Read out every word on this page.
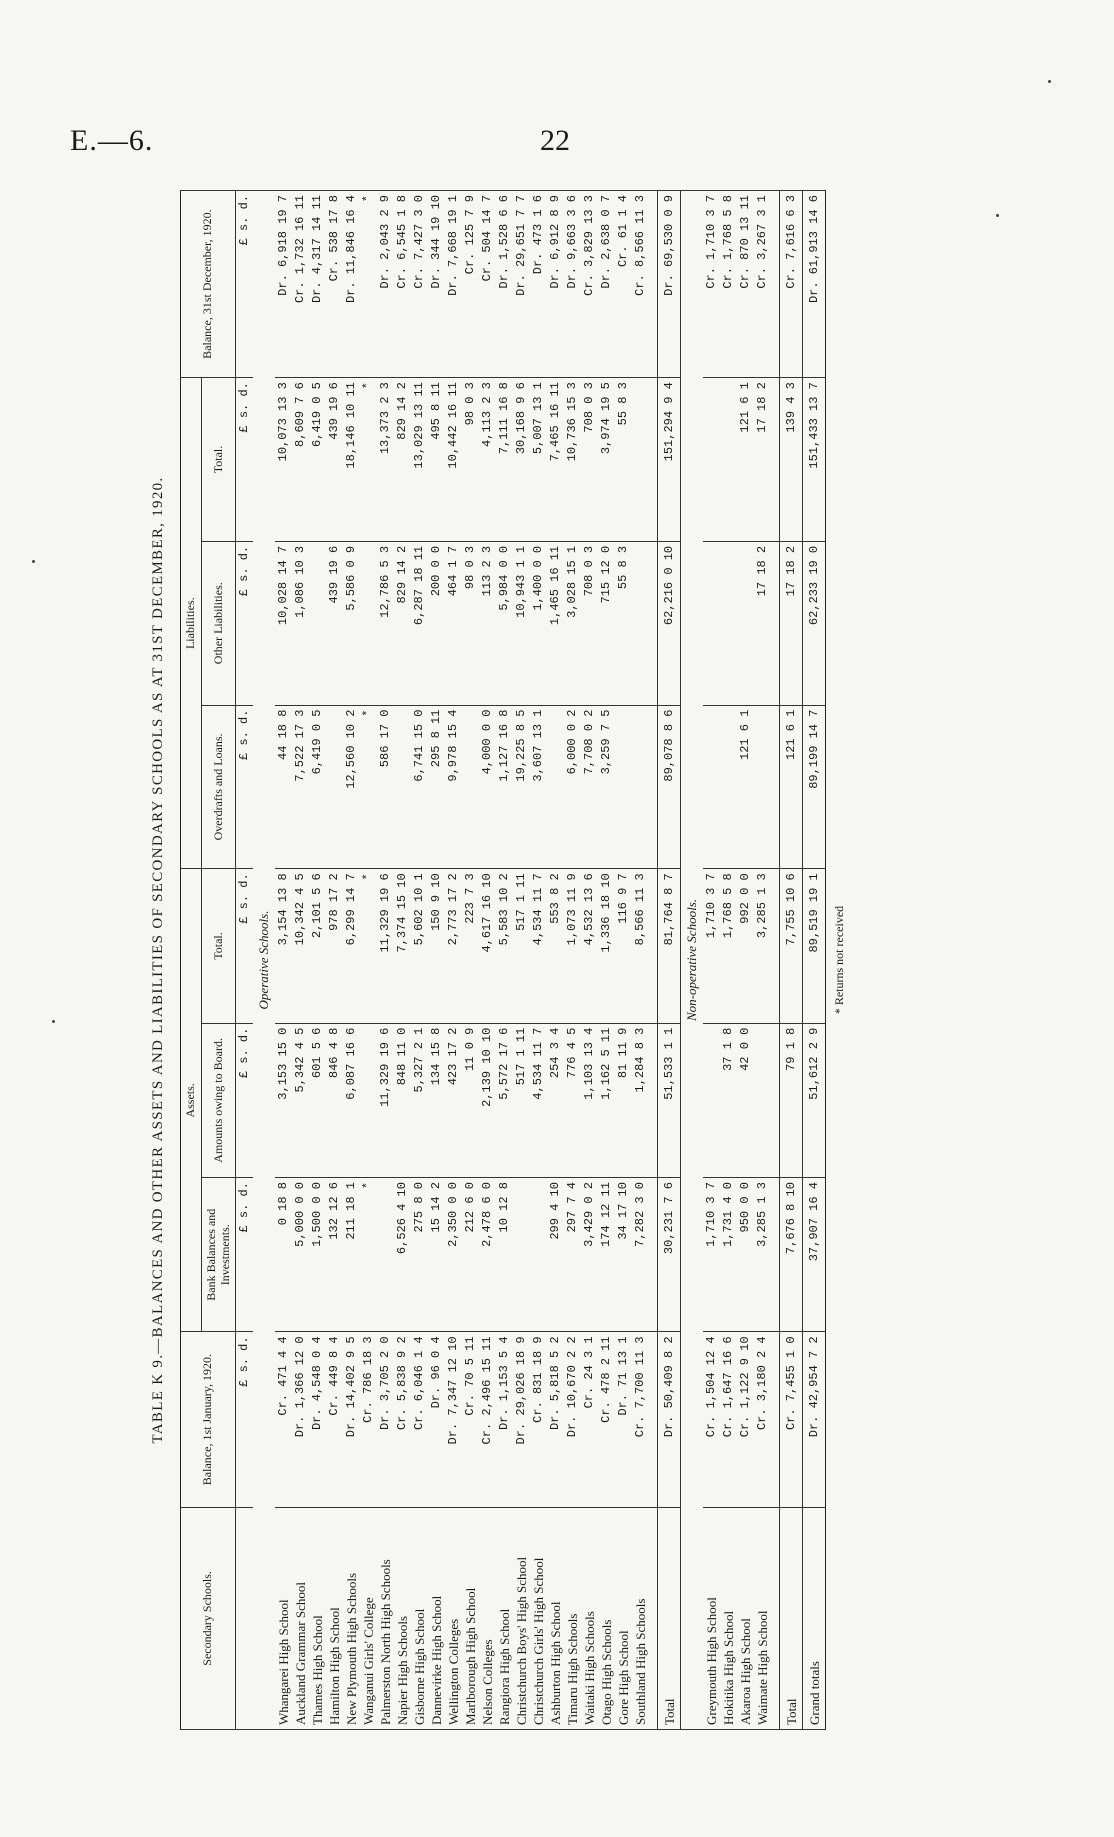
E.—6.	22
TABLE K 9.—BALANCES AND OTHER ASSETS AND LIABILITIES OF SECONDARY SCHOOLS AS AT 31ST DECEMBER, 1920.
Secondary Schools.	Balance, 1st January, 1920.	Assets.			Liabilities.			Balance, 31st December, 1920.
		Bank Balances and Investments.	Amounts owing to Board.	Total.	Overdrafts and Loans.	Other Liabilities.	Total.	
	£ s. d.	£ s. d.	£ s. d.	£ s. d.	£ s. d.	£ s. d.	£ s. d.	£ s. d.
Operative Schools.								
Whangarei High School	Cr. 471 4 4	0 18 8	3,153 15 0	3,154 13 8	44 18 8	10,028 14 7	10,073 13 3	Dr. 6,918 19 7
Auckland Grammar School	Dr. 1,366 12 0	5,000 0 0	5,342 4 5	10,342 4 5	7,522 17 3	1,086 10 3	8,609 7 6	Cr. 1,732 16 11
Thames High School	Dr. 4,548 0 4	1,500 0 0	601 5 6	2,101 5 6	6,419 0 5		6,419 0 5	Dr. 4,317 14 11
Hamilton High School	Cr. 449 8 4	132 12 6	846 4 8	978 17 2		439 19 6	439 19 6	Cr. 538 17 8
New Plymouth High Schools	Dr. 14,402 9 5	211 18 1	6,087 16 6	6,299 14 7	12,560 10 2	5,586 0 9	18,146 10 11	Dr. 11,846 16 4
Wanganui Girls' College	Cr. 786 18 3	*		*	*		*	*
Palmerston North High Schools	Dr. 3,705 2 0		11,329 19 6	11,329 19 6	586 17 0	12,786 5 3	13,373 2 3	Dr. 2,043 2 9
Napier High Schools	Cr. 5,838 9 2	6,526 4 10	848 11 0	7,374 15 10		829 14 2	829 14 2	Cr. 6,545 1 8
Gisborne High School	Cr. 6,046 1 4	275 8 0	5,327 2 1	5,602 10 1	6,741 15 0	6,287 18 11	13,029 13 11	Cr. 7,427 3 0
Dannevirke High School	Dr. 96 0 4	15 14 2	134 15 8	150 9 10	295 8 11	200 0 0	495 8 11	Dr. 344 19 10
Wellington Colleges	Dr. 7,347 12 10	2,350 0 0	423 17 2	2,773 17 2	9,978 15 4	464 1 7	10,442 16 11	Dr. 7,668 19 1
Marlborough High School	Cr. 70 5 11	212 6 0	11 0 9	223 7 3		98 0 3	98 0 3	Cr. 125 7 9
Nelson Colleges	Cr. 2,496 15 11	2,478 6 0	2,139 10 10	4,617 16 10	4,000 0 0	113 2 3	4,113 2 3	Cr. 504 14 7
Rangiora High School	Dr. 1,153 5 4	10 12 8	5,572 17 6	5,583 10 2	1,127 16 8	5,984 0 0	7,111 16 8	Dr. 1,528 6 6
Christchurch Boys' High School	Dr. 29,026 18 9		517 1 11	517 1 11	19,225 8 5	10,943 1 1	30,168 9 6	Dr. 29,651 7 7
Christchurch Girls' High School	Cr. 831 18 9		4,534 11 7	4,534 11 7	3,607 13 1	1,400 0 0	5,007 13 1	Dr. 473 1 6
Ashburton High School	Dr. 5,818 5 2	299 4 10	254 3 4	553 8 2		1,465 16 11	7,465 16 11	Dr. 6,912 8 9
Timaru High Schools	Dr. 10,670 2 2	297 7 4	776 4 5	1,073 11 9	6,000 0 2	3,028 15 1	10,736 15 3	Dr. 9,663 3 6
Waitaki High Schools	Cr. 24 3 1	3,429 0 2	1,103 13 4	4,532 13 6	7,708 0 2	708 0 3	708 0 3	Cr. 3,829 13 3
Otago High Schools	Cr. 478 2 11	174 12 11	1,162 5 11	1,336 18 10	3,259 7 5	715 12 0	3,974 19 5	Dr. 2,638 0 7
Gore High School	Dr. 71 13 1	34 17 10	81 11 9	116 9 7		55 8 3	55 8 3	Cr. 61 1 4
Southland High Schools	Cr. 7,700 11 3	7,282 3 0	1,284 8 3	8,566 11 3				Cr. 8,566 11 3

Total	Dr. 50,409 8 2	30,231 7 6	51,533 1 1	81,764 8 7	89,078 8 6	62,216 0 10	151,294 9 4	Dr. 69,530 0 9
Non-operative Schools.								
Greymouth High School	Cr. 1,504 12 4	1,710 3 7		1,710 3 7				Cr. 1,710 3 7
Hokitika High School	Cr. 1,647 16 6	1,731 4 0	37 1 8	1,768 5 8				Cr. 1,768 5 8
Akaroa High School	Cr. 1,122 9 10	950 0 0	42 0 0	992 0 0	121 6 1		121 6 1	Cr. 870 13 11
Waimate High School	Cr. 3,180 2 4	3,285 1 3		3,285 1 3		17 18 2	17 18 2	Cr. 3,267 3 1

Total	Cr. 7,455 1 0	7,676 8 10	79 1 8	7,755 10 6	121 6 1	17 18 2	139 4 3	Cr. 7,616 6 3
Grand totals	Dr. 42,954 7 2	37,907 16 4	51,612 2 9	89,519 19 1	89,199 14 7	62,233 19 0	151,433 13 7	Dr. 61,913 14 6
* Returns not received
